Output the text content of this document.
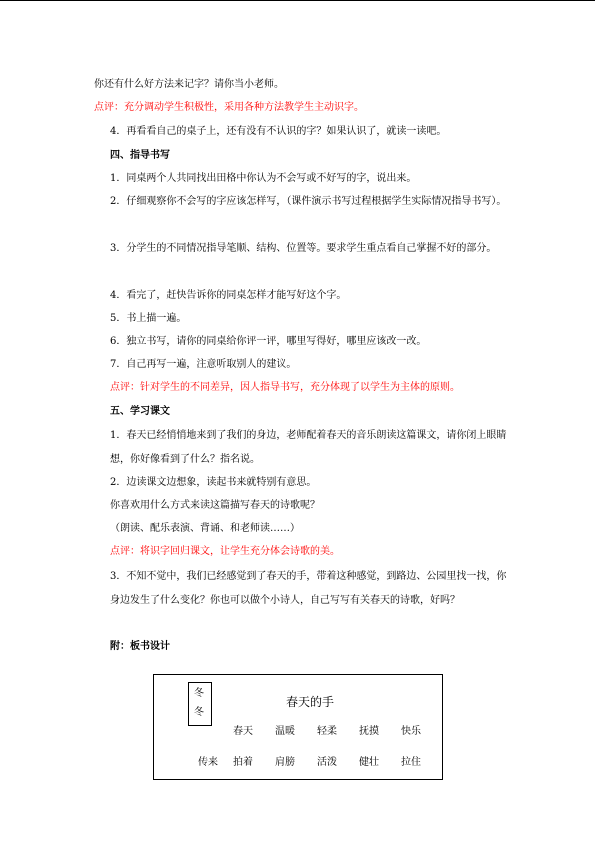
你还有什么好方法来记字？请你当小老师。
点评：充分调动学生积极性，采用各种方法教学生主动识字。
4．再看看自己的桌子上，还有没有不认识的字？如果认识了，就读一读吧。
四、指导书写
1．同桌两个人共同找出田格中你认为不会写或不好写的字，说出来。
2．仔细观察你不会写的字应该怎样写，（课件演示书写过程根据学生实际情况指导书写）。
3．分学生的不同情况指导笔顺、结构、位置等。要求学生重点看自己掌握不好的部分。
4．看完了，赶快告诉你的同桌怎样才能写好这个字。
5．书上描一遍。
6．独立书写，请你的同桌给你评一评，哪里写得好，哪里应该改一改。
7．自己再写一遍，注意听取别人的建议。
点评：针对学生的不同差异，因人指导书写，充分体现了以学生为主体的原则。
五、学习课文
1．春天已经悄悄地来到了我们的身边，老师配着春天的音乐朗读这篇课文，请你闭上眼睛想，你好像看到了什么？指名说。
2．边读课文边想象，读起书来就特别有意思。
你喜欢用什么方式来读这篇描写春天的诗歌呢？
（朗读、配乐表演、背诵、和老师读……）
点评：将识字回归课文，让学生充分体会诗歌的美。
3．不知不觉中，我们已经感觉到了春天的手，带着这种感觉，到路边、公园里找一找，你身边发生了什么变化？你也可以做个小诗人，自己写写有关春天的诗歌，好吗？
附：板书设计
冬
冬
春天的手
春天 温暖 轻柔 抚摸 快乐
传来 拍着 肩膀 活泼 健壮 拉住
